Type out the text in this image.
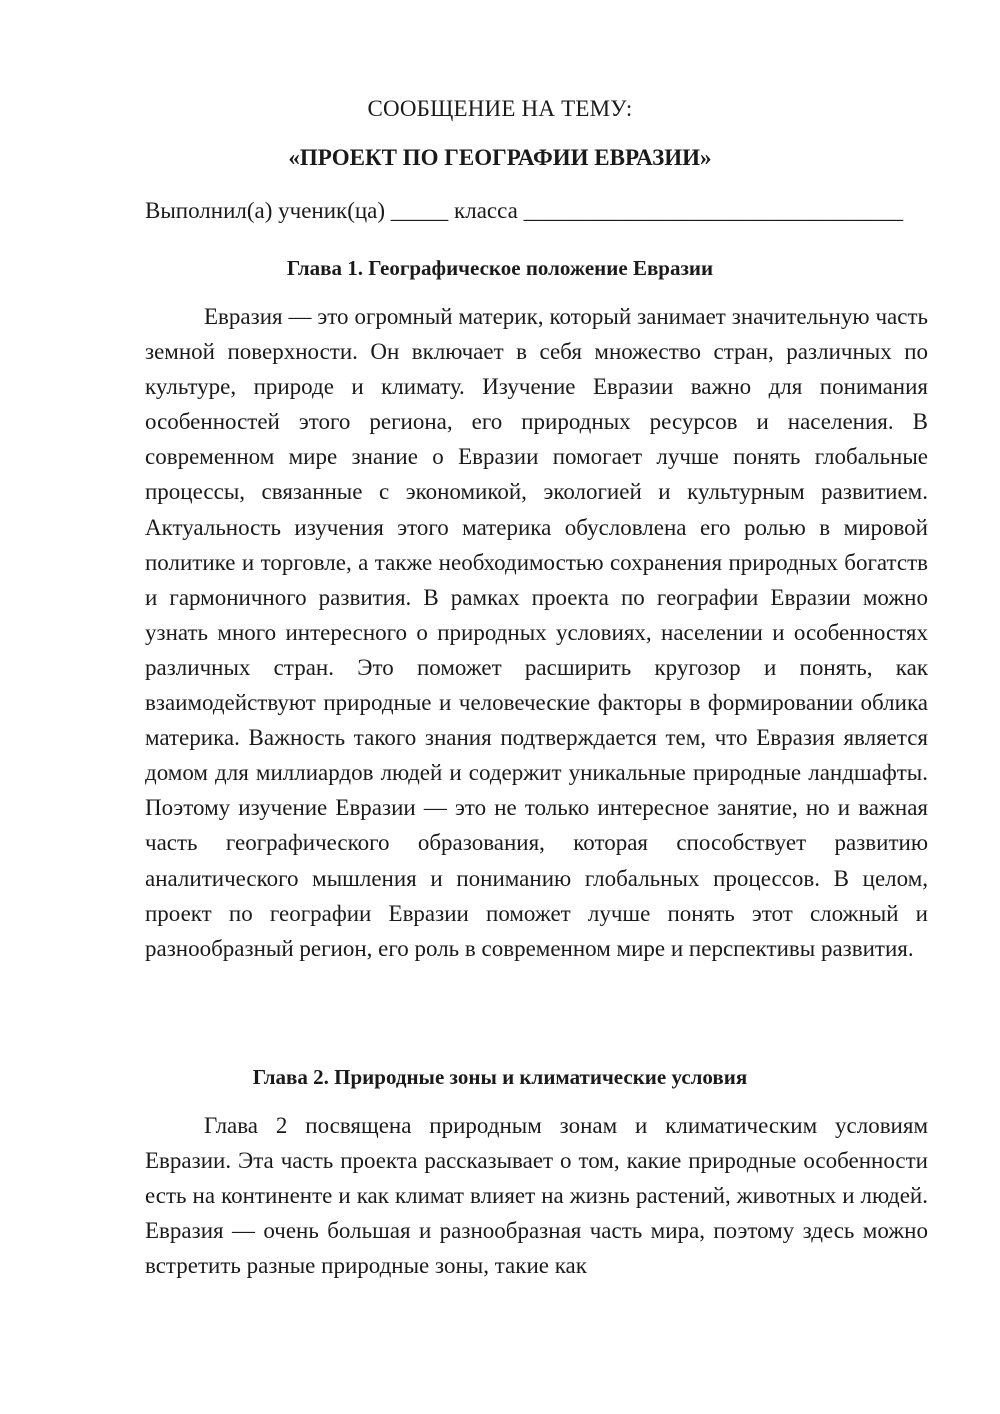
СООБЩЕНИЕ НА ТЕМУ:
«ПРОЕКТ ПО ГЕОГРАФИИ ЕВРАЗИИ»
Выполнил(а) ученик(ца) _____ класса _________________________________
Глава 1. Географическое положение Евразии

Евразия — это огромный материк, который занимает значительную часть земной поверхности. Он включает в себя множество стран, различных по культуре, природе и климату. Изучение Евразии важно для понимания особенностей этого региона, его природных ресурсов и населения. В современном мире знание о Евразии помогает лучше понять глобальные процессы, связанные с экономикой, экологией и культурным развитием. Актуальность изучения этого материка обусловлена его ролью в мировой политике и торговле, а также необходимостью сохранения природных богатств и гармоничного развития. В рамках проекта по географии Евразии можно узнать много интересного о природных условиях, населении и особенностях различных стран. Это поможет расширить кругозор и понять, как взаимодействуют природные и человеческие факторы в формировании облика материка. Важность такого знания подтверждается тем, что Евразия является домом для миллиардов людей и содержит уникальные природные ландшафты. Поэтому изучение Евразии — это не только интересное занятие, но и важная часть географического образования, которая способствует развитию аналитического мышления и пониманию глобальных процессов. В целом, проект по географии Евразии поможет лучше понять этот сложный и разнообразный регион, его роль в современном мире и перспективы развития.

Глава 2. Природные зоны и климатические условия

Глава 2 посвящена природным зонам и климатическим условиям Евразии. Эта часть проекта рассказывает о том, какие природные особенности есть на континенте и как климат влияет на жизнь растений, животных и людей. Евразия — очень большая и разнообразная часть мира, поэтому здесь можно встретить разные природные зоны, такие как
